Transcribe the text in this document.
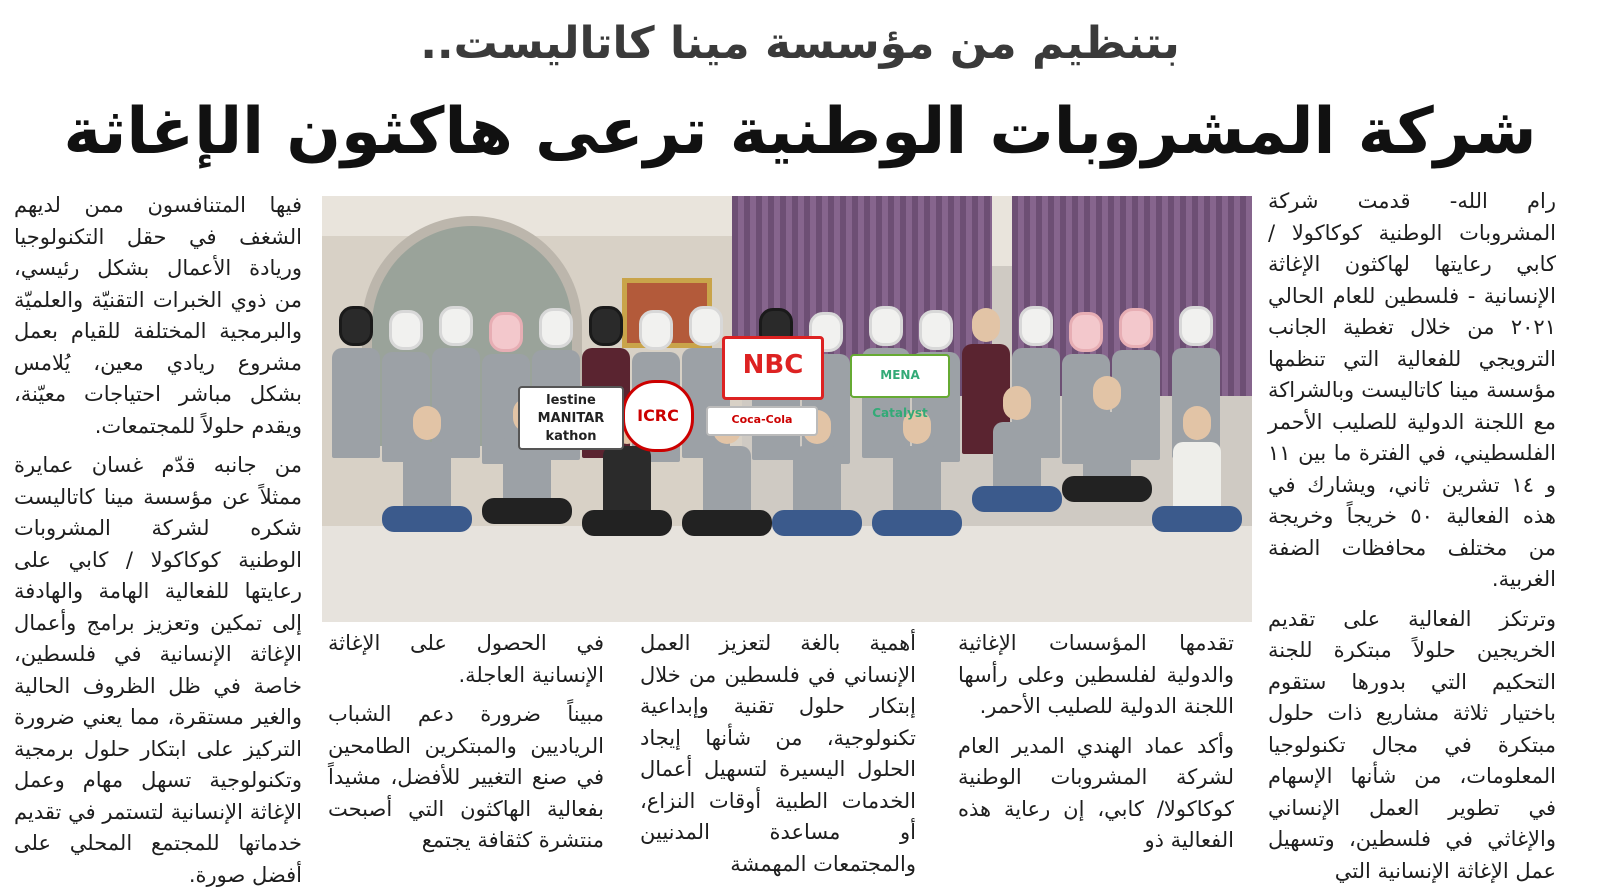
بتنظيم من مؤسسة مينا كاتاليست..
شركة المشروبات الوطنية ترعى هاكثون الإغاثة

رام الله- قدمت شركة المشروبات الوطنية كوكاكولا / كابي رعايتها لهاكثون الإغاثة الإنسانية - فلسطين للعام الحالي ٢٠٢١ من خلال تغطية الجانب الترويجي للفعالية التي تنظمها مؤسسة مينا كاتاليست وبالشراكة مع اللجنة الدولية للصليب الأحمر الفلسطيني، في الفترة ما بين ١١ و ١٤ تشرين ثاني، ويشارك في هذه الفعالية ٥٠ خريجاً وخريجة من مختلف محافظات الضفة الغربية.

وترتكز الفعالية على تقديم الخريجين حلولاً مبتكرة للجنة التحكيم التي بدورها ستقوم باختيار ثلاثة مشاريع ذات حلول مبتكرة في مجال تكنولوجيا المعلومات، من شأنها الإسهام في تطوير العمل الإنساني والإغاثي في فلسطين، وتسهيل عمل الإغاثة الإنسانية التي

NBC	MENA Catalyst
ICRC
lestine
MANITAR
kathon
Coca-Cola

تقدمها المؤسسات الإغاثية والدولية لفلسطين وعلى رأسها اللجنة الدولية للصليب الأحمر.

وأكد عماد الهندي المدير العام لشركة المشروبات الوطنية كوكاكولا/ كابي، إن رعاية هذه الفعالية ذو

أهمية بالغة لتعزيز العمل الإنساني في فلسطين من خلال إبتكار حلول تقنية وإبداعية تكنولوجية، من شأنها إيجاد الحلول اليسيرة لتسهيل أعمال الخدمات الطبية أوقات النزاع، أو مساعدة المدنيين والمجتمعات المهمشة

في الحصول على الإغاثة الإنسانية العاجلة.

مبيناً ضرورة دعم الشباب الرياديين والمبتكرين الطامحين في صنع التغيير للأفضل، مشيداً بفعالية الهاكثون التي أصبحت منتشرة كثقافة يجتمع

فيها المتنافسون ممن لديهم الشغف في حقل التكنولوجيا وريادة الأعمال بشكل رئيسي، من ذوي الخبرات التقنيّة والعلميّة والبرمجية المختلفة للقيام بعمل مشروع ريادي معين، يُلامس بشكل مباشر احتياجات معيّنة، ويقدم حلولاً للمجتمعات.

من جانبه قدّم غسان عمايرة ممثلاً عن مؤسسة مينا كاتاليست شكره لشركة المشروبات الوطنية كوكاكولا / كابي على رعايتها للفعالية الهامة والهادفة إلى تمكين وتعزيز برامج وأعمال الإغاثة الإنسانية في فلسطين، خاصة في ظل الظروف الحالية والغير مستقرة، مما يعني ضرورة التركيز على ابتكار حلول برمجية وتكنولوجية تسهل مهام وعمل الإغاثة الإنسانية لتستمر في تقديم خدماتها للمجتمع المحلي على أفضل صورة.
